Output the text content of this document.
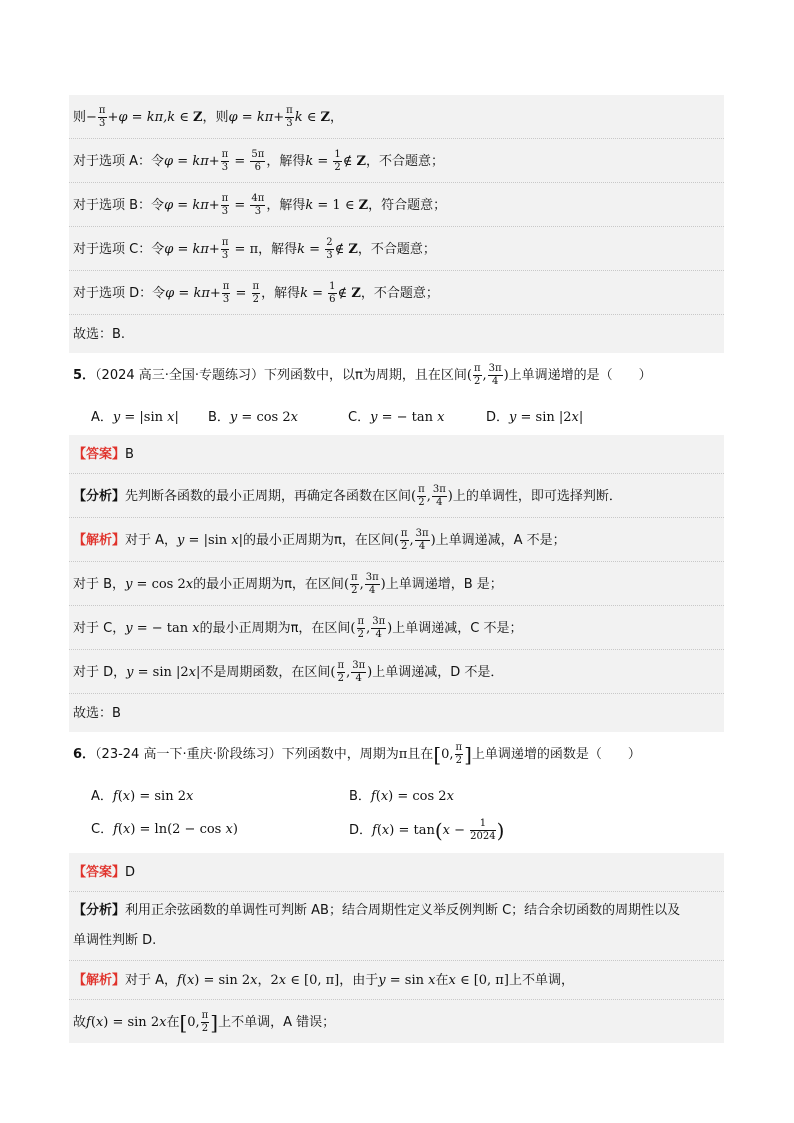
则− $\frac{\pi}{3} +\varphi = k\pi,k$ ∈ Z，则$\varphi = k\pi+ \frac{\pi}{3}$ k ∈ Z，
对于选项 A：令$\varphi = k\pi+ \frac{\pi}{3} = \frac{5\pi}{6}$ ，解得$k = \frac{1}{2}$ ∉ Z，不合题意；
对于选项 B：令$\varphi = k\pi+ \frac{\pi}{3} = \frac{4\pi}{3}$ ，解得k = 1 ∈ Z，符合题意；
对于选项 C：令$\varphi = k\pi+ \frac{\pi}{3} = \pi$，解得$k = \frac{2}{3}$ ∉ Z，不合题意；
对于选项 D：令$\varphi = k\pi+ \frac{\pi}{3} = \frac{\pi}{2}$ ，解得$k = \frac{1}{6}$ ∉ Z，不合题意；
故选：B.
5．（2024 高三·全国·专题练习）下列函数中，以π为周期，且在区间( $\frac{\pi}{2}$ , $\frac{3\pi}{4}$ )上单调递增的是（　　）
A．y = |sin x|	B．y = cos 2x	C．y = − tan x	D．y = sin |2x|
【答案】B
【分析】先判断各函数的最小正周期，再确定各函数在区间( $\frac{\pi}{2}$ , $\frac{3\pi}{4}$ )上的单调性，即可选择判断．
【解析】对于 A，y = |sin x|的最小正周期为π，在区间( $\frac{\pi}{2}$ , $\frac{3\pi}{4}$ )上单调递减，A 不是；
对于 B，y = cos 2x的最小正周期为π，在区间( $\frac{\pi}{2}$ , $\frac{3\pi}{4}$ )上单调递增，B 是；
对于 C，y = − tan x的最小正周期为π，在区间( $\frac{\pi}{2}$ , $\frac{3\pi}{4}$ )上单调递减，C 不是；
对于 D，y = sin |2x|不是周期函数，在区间( $\frac{\pi}{2}$ , $\frac{3\pi}{4}$ )上单调递减，D 不是．
故选：B
6．（23-24 高一下·重庆·阶段练习）下列函数中，周期为π且在[0, $\frac{\pi}{2}$ ]上单调递增的函数是（　　）
A．f(x) = sin 2x	B．f(x) = cos 2x
C．f(x) = ln(2 − cos x)	D．$f(x) = \tan(x - \frac{1}{2024}$ )
【答案】D
【分析】利用正余弦函数的单调性可判断 AB；结合周期性定义举反例判断 C；结合余切函数的周期性以及
单调性判断 D.
【解析】对于 A，f(x) = sin 2x，2x ∈ [0, π]，由于y = sin x在x ∈ [0, π]上不单调，
故f(x) = sin 2x在[0, $\frac{\pi}{2}$ ]上不单调，A 错误；
